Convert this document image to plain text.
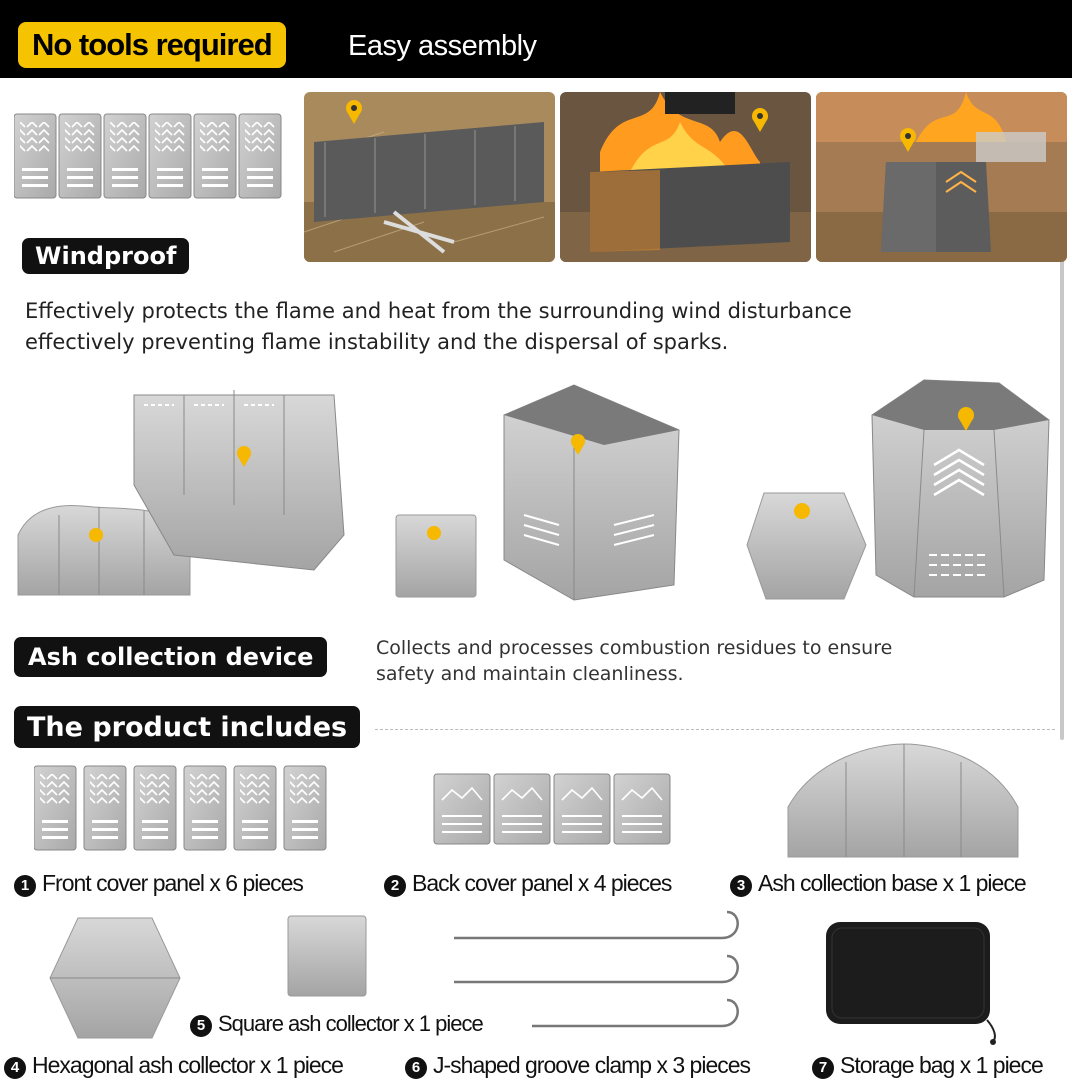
No tools required	Easy assembly
Windproof
Effectively protects the flame and heat from the surrounding wind disturbance
effectively preventing flame instability and the dispersal of sparks.
Ash collection device	Collects and processes combustion residues to ensure
safety and maintain cleanliness.
The product includes
1 Front cover panel x 6 pieces	2 Back cover panel x 4 pieces	3 Ash collection base x 1 piece
5 Square ash collector x 1 piece
4 Hexagonal ash collector x 1 piece	6 J-shaped groove clamp x 3 pieces	7 Storage bag x 1 piece
